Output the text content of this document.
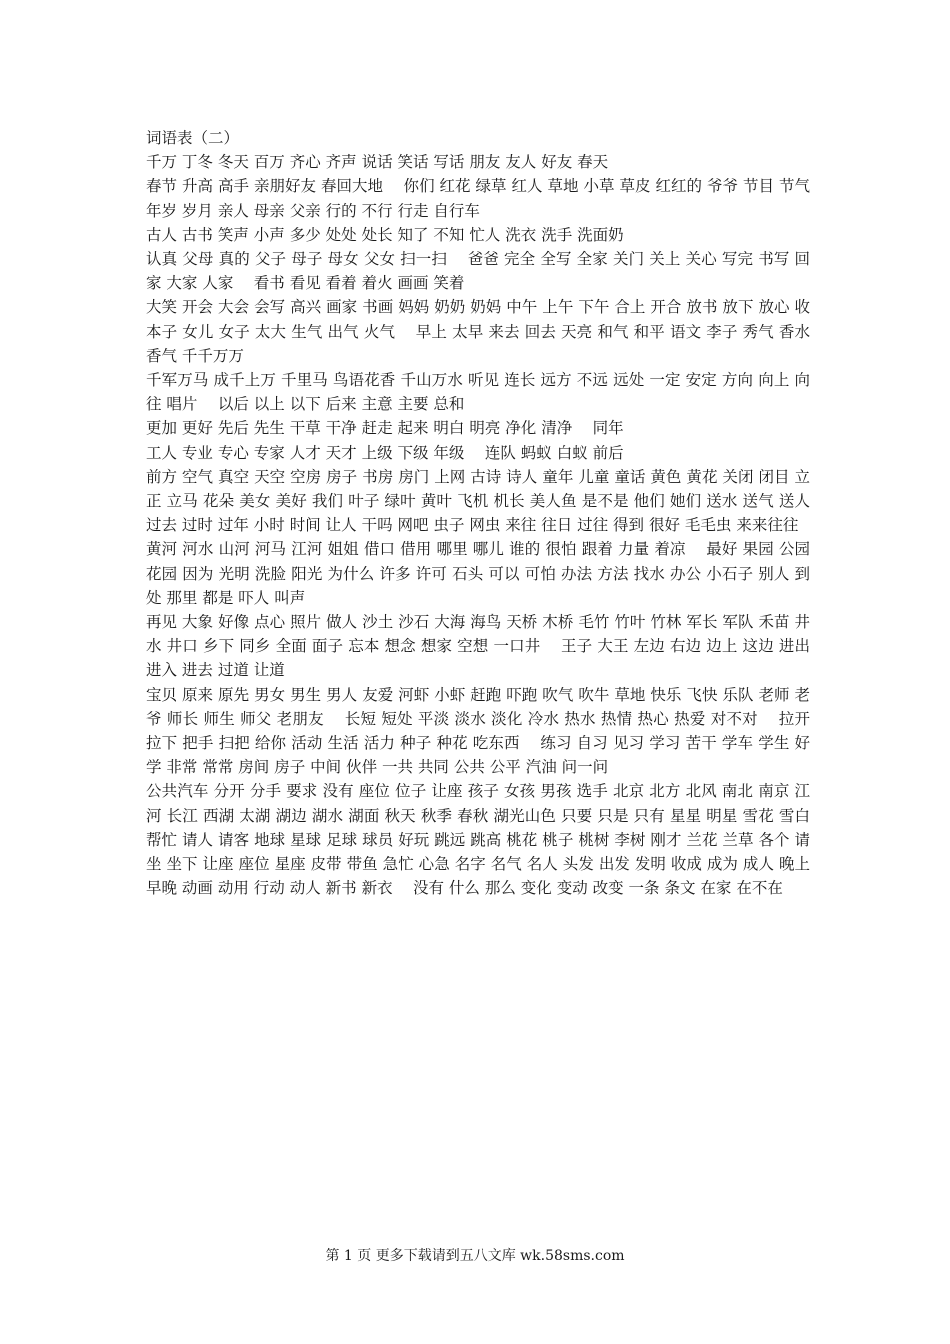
词语表（二）

千万 丁冬 冬天 百万 齐心 齐声 说话 笑话 写话 朋友 友人 好友 春天

春节 升高 高手 亲朋好友 春回大地　 你们 红花 绿草 红人 草地 小草 草皮 红红的 爷爷 节目 节气 年岁 岁月 亲人 母亲 父亲 行的 不行 行走 自行车

古人 古书 笑声 小声 多少 处处 处长 知了 不知 忙人 洗衣 洗手 洗面奶

认真 父母 真的 父子 母子 母女 父女 扫一扫　 爸爸 完全 全写 全家 关门 关上 关心 写完 书写 回家 大家 人家　 看书 看见 看着 着火 画画 笑着

大笑 开会 大会 会写 高兴 画家 书画 妈妈 奶奶 奶妈 中午 上午 下午 合上 开合 放书 放下 放心 收本子 女儿 女子 太大 生气 出气 火气　 早上 太早 来去 回去 天亮 和气 和平 语文 李子 秀气 香水 香气 千千万万

千军万马 成千上万 千里马 鸟语花香 千山万水 听见 连长 远方 不远 远处 一定 安定 方向 向上 向往 唱片　 以后 以上 以下 后来 主意 主要 总和

更加 更好 先后 先生 干草 干净 赶走 起来 明白 明亮 净化 清净　 同年

工人 专业 专心 专家 人才 天才 上级 下级 年级　 连队 蚂蚁 白蚁 前后

前方 空气 真空 天空 空房 房子 书房 房门 上网 古诗 诗人 童年 儿童 童话 黄色 黄花 关闭 闭目 立正 立马 花朵 美女 美好 我们 叶子 绿叶 黄叶 飞机 机长 美人鱼 是不是 他们 她们 送水 送气 送人 过去 过时 过年 小时 时间 让人 干吗 网吧 虫子 网虫 来往 往日 过往 得到 很好 毛毛虫 来来往往

黄河 河水 山河 河马 江河 姐姐 借口 借用 哪里 哪儿 谁的 很怕 跟着 力量 着凉　 最好 果园 公园 花园 因为 光明 洗脸 阳光 为什么 许多 许可 石头 可以 可怕 办法 方法 找水 办公 小石子 别人 到处 那里 都是 吓人 叫声

再见 大象 好像 点心 照片 做人 沙土 沙石 大海 海鸟 天桥 木桥 毛竹 竹叶 竹林 军长 军队 禾苗 井水 井口 乡下 同乡 全面 面子 忘本 想念 想家 空想 一口井　 王子 大王 左边 右边 边上 这边 进出 进入 进去 过道 让道

宝贝 原来 原先 男女 男生 男人 友爱 河虾 小虾 赶跑 吓跑 吹气 吹牛 草地 快乐 飞快 乐队 老师 老爷 师长 师生 师父 老朋友　 长短 短处 平淡 淡水 淡化 冷水 热水 热情 热心 热爱 对不对　 拉开 拉下 把手 扫把 给你 活动 生活 活力 种子 种花 吃东西　 练习 自习 见习 学习 苦干 学车 学生 好学 非常 常常 房间 房子 中间 伙伴 一共 共同 公共 公平 汽油 问一问

公共汽车 分开 分手 要求 没有 座位 位子 让座 孩子 女孩 男孩 选手 北京 北方 北风 南北 南京 江河 长江 西湖 太湖 湖边 湖水 湖面 秋天 秋季 春秋 湖光山色 只要 只是 只有 星星 明星 雪花 雪白 帮忙 请人 请客 地球 星球 足球 球员 好玩 跳远 跳高 桃花 桃子 桃树 李树 刚才 兰花 兰草 各个 请坐 坐下 让座 座位 星座 皮带 带鱼 急忙 心急 名字 名气 名人 头发 出发 发明 收成 成为 成人 晚上 早晚 动画 动用 行动 动人 新书 新衣　 没有 什么 那么 变化 变动 改变 一条 条文 在家 在不在

第 1 页 更多下载请到五八文库 wk.58sms.com
